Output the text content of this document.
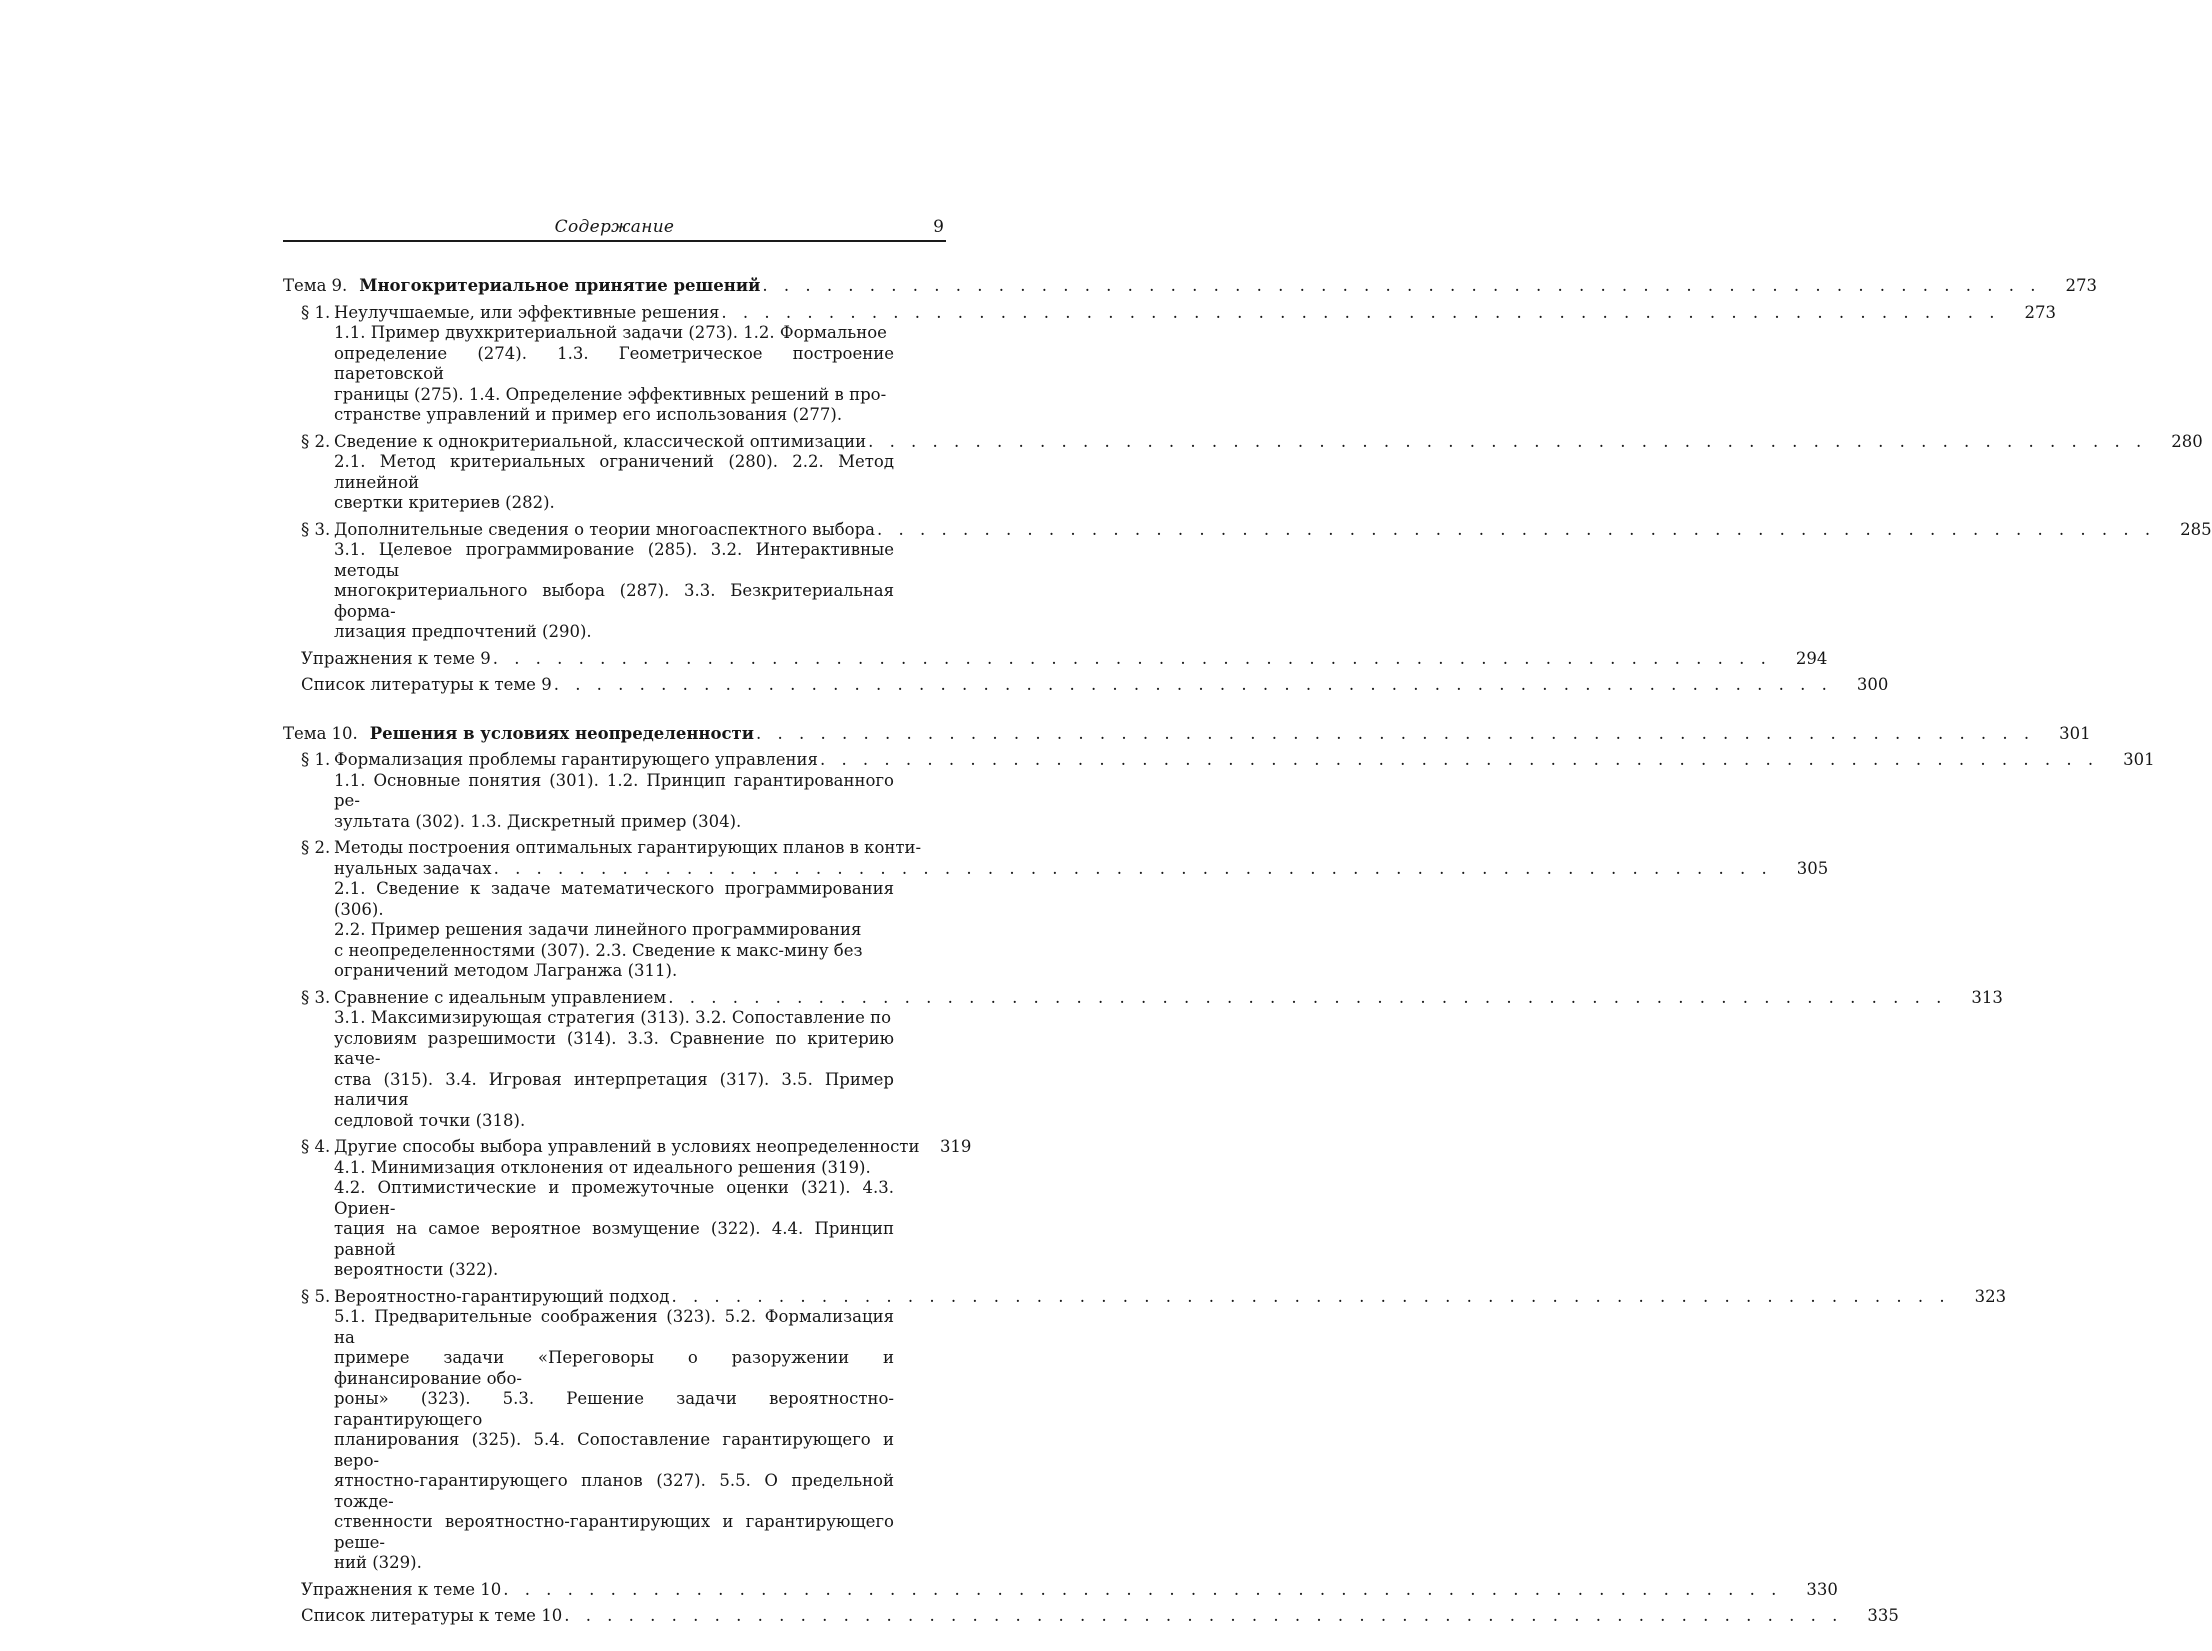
Содержание	9
Тема 9. Многокритериальное принятие решений . . . . . . . . . . . . . . . . . . . . . . . . . . . . . . . . . . . . . . . . . . . . . . . . . . . . . . . . . . . .	273
§ 1. Неулучшаемые, или эффективные решения . . . . . . . . . . . . . . . . . . . . . . . . . . . . . . . . . . . . . . . . . . . . . . . . . . . . . . . . . . . .	273

1.1. Пример двухкритериальной задачи (273). 1.2. Формальное

определение (274). 1.3. Геометрическое построение паретовской

границы (275). 1.4. Определение эффективных решений в про-

странстве управлений и пример его использования (277).

§ 2. Сведение к однокритериальной, классической оптимизации . . . . . . . . . . . . . . . . . . . . . . . . . . . . . . . . . . . . . . . . . . . . . . . . . . . . . . . . . . . .	280

2.1. Метод критериальных ограничений (280). 2.2. Метод линейной

свертки критериев (282).

§ 3. Дополнительные сведения о теории многоаспектного выбора . . . . . . . . . . . . . . . . . . . . . . . . . . . . . . . . . . . . . . . . . . . . . . . . . . . . . . . . . . . .	285

3.1. Целевое программирование (285). 3.2. Интерактивные методы

многокритериального выбора (287). 3.3. Безкритериальная форма-

лизация предпочтений (290).

Упражнения к теме 9 . . . . . . . . . . . . . . . . . . . . . . . . . . . . . . . . . . . . . . . . . . . . . . . . . . . . . . . . . . . .	294
Список литературы к теме 9 . . . . . . . . . . . . . . . . . . . . . . . . . . . . . . . . . . . . . . . . . . . . . . . . . . . . . . . . . . . .	300
Тема 10. Решения в условиях неопределенности . . . . . . . . . . . . . . . . . . . . . . . . . . . . . . . . . . . . . . . . . . . . . . . . . . . . . . . . . . . .	301
§ 1. Формализация проблемы гарантирующего управления . . . . . . . . . . . . . . . . . . . . . . . . . . . . . . . . . . . . . . . . . . . . . . . . . . . . . . . . . . . .	301

1.1. Основные понятия (301). 1.2. Принцип гарантированного ре-

зультата (302). 1.3. Дискретный пример (304).

§ 2. Методы построения оптимальных гарантирующих планов в конти-
нуальных задачах . . . . . . . . . . . . . . . . . . . . . . . . . . . . . . . . . . . . . . . . . . . . . . . . . . . . . . . . . . . .	305

2.1. Сведение к задаче математического программирования (306).

2.2. Пример решения задачи линейного программирования

с неопределенностями (307). 2.3. Сведение к макс-мину без

ограничений методом Лагранжа (311).

§ 3. Сравнение с идеальным управлением . . . . . . . . . . . . . . . . . . . . . . . . . . . . . . . . . . . . . . . . . . . . . . . . . . . . . . . . . . . .	313

3.1. Максимизирующая стратегия (313). 3.2. Сопоставление по

условиям разрешимости (314). 3.3. Сравнение по критерию каче-

ства (315). 3.4. Игровая интерпретация (317). 3.5. Пример наличия

седловой точки (318).

§ 4. Другие способы выбора управлений в условиях неопределенности	319

4.1. Минимизация отклонения от идеального решения (319).

4.2. Оптимистические и промежуточные оценки (321). 4.3. Ориен-

тация на самое вероятное возмущение (322). 4.4. Принцип равной

вероятности (322).

§ 5. Вероятностно-гарантирующий подход . . . . . . . . . . . . . . . . . . . . . . . . . . . . . . . . . . . . . . . . . . . . . . . . . . . . . . . . . . . .	323

5.1. Предварительные соображения (323). 5.2. Формализация на

примере задачи «Переговоры о разоружении и финансирование обо-

роны» (323). 5.3. Решение задачи вероятностно-гарантирующего

планирования (325). 5.4. Сопоставление гарантирующего и веро-

ятностно-гарантирующего планов (327). 5.5. О предельной тожде-

ственности вероятностно-гарантирующих и гарантирующего реше-

ний (329).

Упражнения к теме 10 . . . . . . . . . . . . . . . . . . . . . . . . . . . . . . . . . . . . . . . . . . . . . . . . . . . . . . . . . . . .	330
Список литературы к теме 10 . . . . . . . . . . . . . . . . . . . . . . . . . . . . . . . . . . . . . . . . . . . . . . . . . . . . . . . . . . . .	335
